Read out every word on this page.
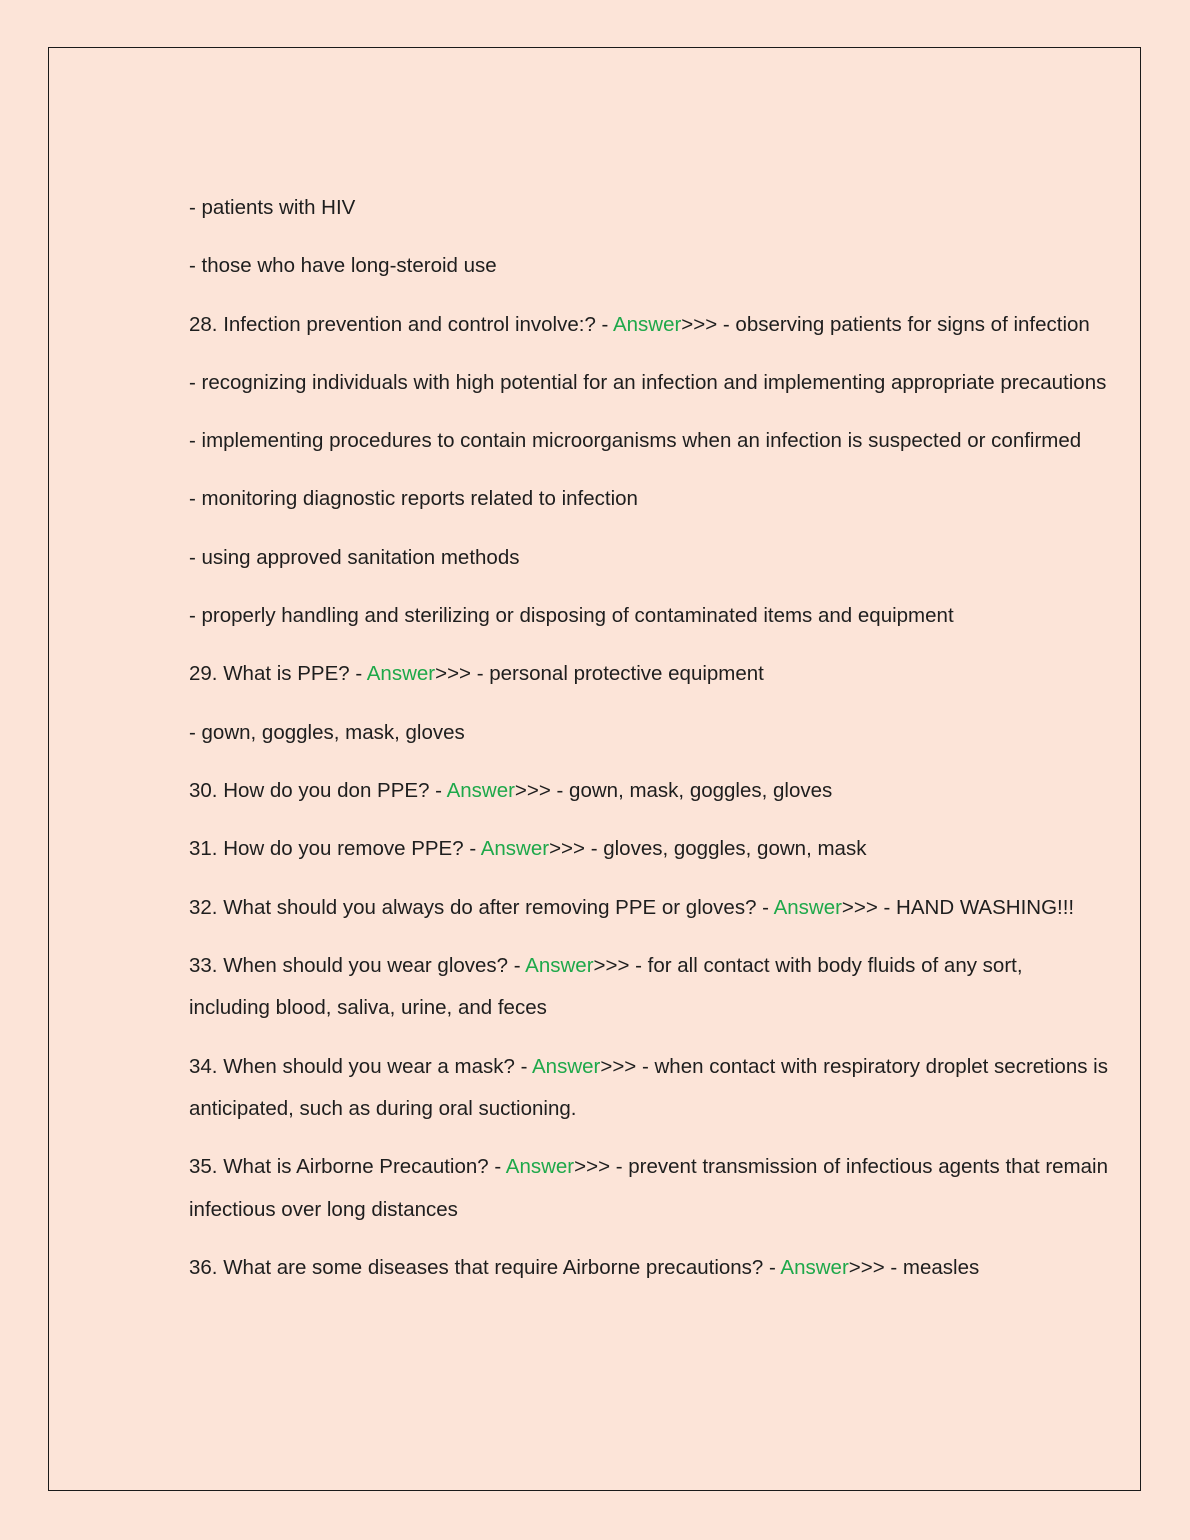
- patients with HIV

- those who have long-steroid use

28. Infection prevention and control involve:? - Answer>>> - observing patients for signs of infection

- recognizing individuals with high potential for an infection and implementing appropriate precautions

- implementing procedures to contain microorganisms when an infection is suspected or confirmed

- monitoring diagnostic reports related to infection

- using approved sanitation methods

- properly handling and sterilizing or disposing of contaminated items and equipment

29. What is PPE? - Answer>>> - personal protective equipment

- gown, goggles, mask, gloves

30. How do you don PPE? - Answer>>> - gown, mask, goggles, gloves

31. How do you remove PPE? - Answer>>> - gloves, goggles, gown, mask

32. What should you always do after removing PPE or gloves? - Answer>>> - HAND WASHING!!!

33. When should you wear gloves? - Answer>>> - for all contact with body fluids of any sort, including blood, saliva, urine, and feces

34. When should you wear a mask? - Answer>>> - when contact with respiratory droplet secretions is anticipated, such as during oral suctioning.

35. What is Airborne Precaution? - Answer>>> - prevent transmission of infectious agents that remain infectious over long distances

36. What are some diseases that require Airborne precautions? - Answer>>> - measles
